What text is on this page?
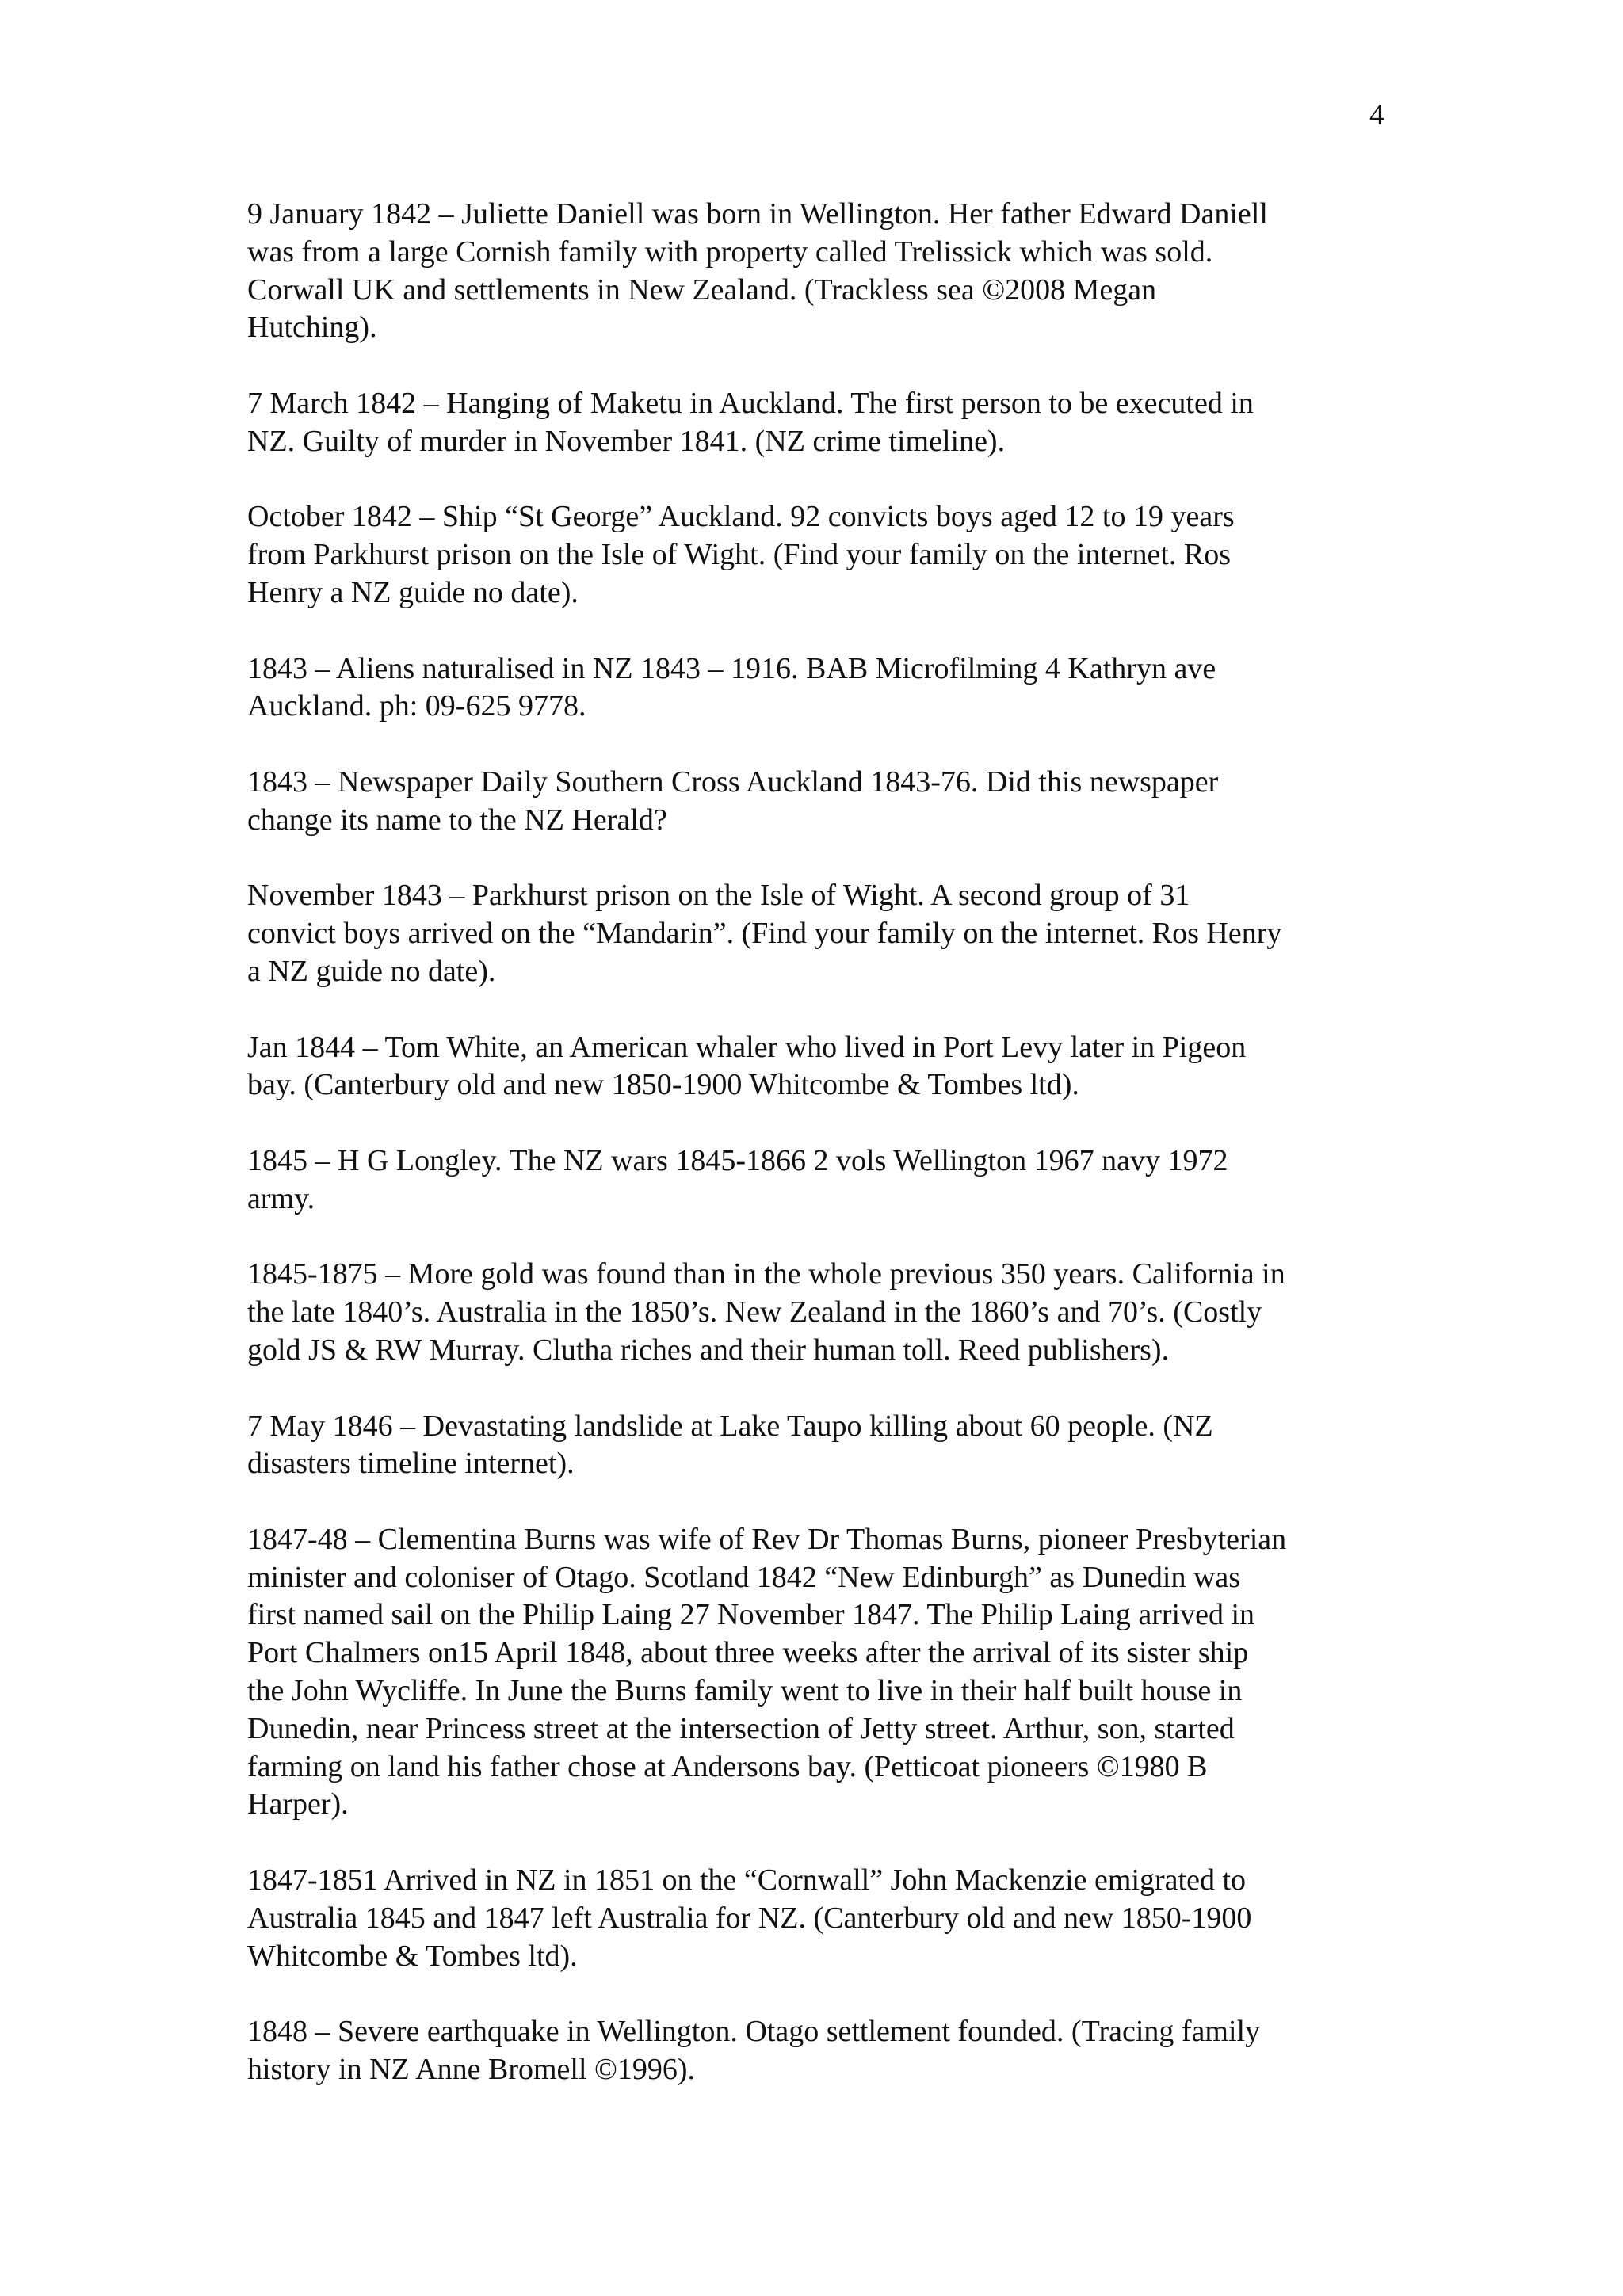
4

9 January 1842 – Juliette Daniell was born in Wellington. Her father Edward Daniell
was from a large Cornish family with property called Trelissick which was sold.
Corwall UK and settlements in New Zealand. (Trackless sea ©2008 Megan
Hutching).

7 March 1842 – Hanging of Maketu in Auckland. The first person to be executed in
NZ. Guilty of murder in November 1841. (NZ crime timeline).

October 1842 – Ship “St George” Auckland. 92 convicts boys aged 12 to 19 years
from Parkhurst prison on the Isle of Wight. (Find your family on the internet. Ros
Henry a NZ guide no date).

1843 – Aliens naturalised in NZ 1843 – 1916. BAB Microfilming 4 Kathryn ave
Auckland. ph: 09-625 9778.

1843 – Newspaper Daily Southern Cross Auckland 1843-76. Did this newspaper
change its name to the NZ Herald?

November 1843 – Parkhurst prison on the Isle of Wight. A second group of 31
convict boys arrived on the “Mandarin”. (Find your family on the internet. Ros Henry
a NZ guide no date).

Jan 1844 – Tom White, an American whaler who lived in Port Levy later in Pigeon
bay. (Canterbury old and new 1850-1900 Whitcombe & Tombes ltd).

1845 – H G Longley. The NZ wars 1845-1866 2 vols Wellington 1967 navy 1972
army.

1845-1875 – More gold was found than in the whole previous 350 years. California in
the late 1840’s. Australia in the 1850’s. New Zealand in the 1860’s and 70’s. (Costly
gold JS & RW Murray. Clutha riches and their human toll. Reed publishers).

7 May 1846 – Devastating landslide at Lake Taupo killing about 60 people. (NZ
disasters timeline internet).

1847-48 – Clementina Burns was wife of Rev Dr Thomas Burns, pioneer Presbyterian
minister and coloniser of Otago. Scotland 1842 “New Edinburgh” as Dunedin was
first named sail on the Philip Laing 27 November 1847. The Philip Laing arrived in
Port Chalmers on15 April 1848, about three weeks after the arrival of its sister ship
the John Wycliffe. In June the Burns family went to live in their half built house in
Dunedin, near Princess street at the intersection of Jetty street. Arthur, son, started
farming on land his father chose at Andersons bay. (Petticoat pioneers ©1980 B
Harper).

1847-1851 Arrived in NZ in 1851 on the “Cornwall” John Mackenzie emigrated to
Australia 1845 and 1847 left Australia for NZ. (Canterbury old and new 1850-1900
Whitcombe & Tombes ltd).

1848 – Severe earthquake in Wellington. Otago settlement founded. (Tracing family
history in NZ Anne Bromell ©1996).
